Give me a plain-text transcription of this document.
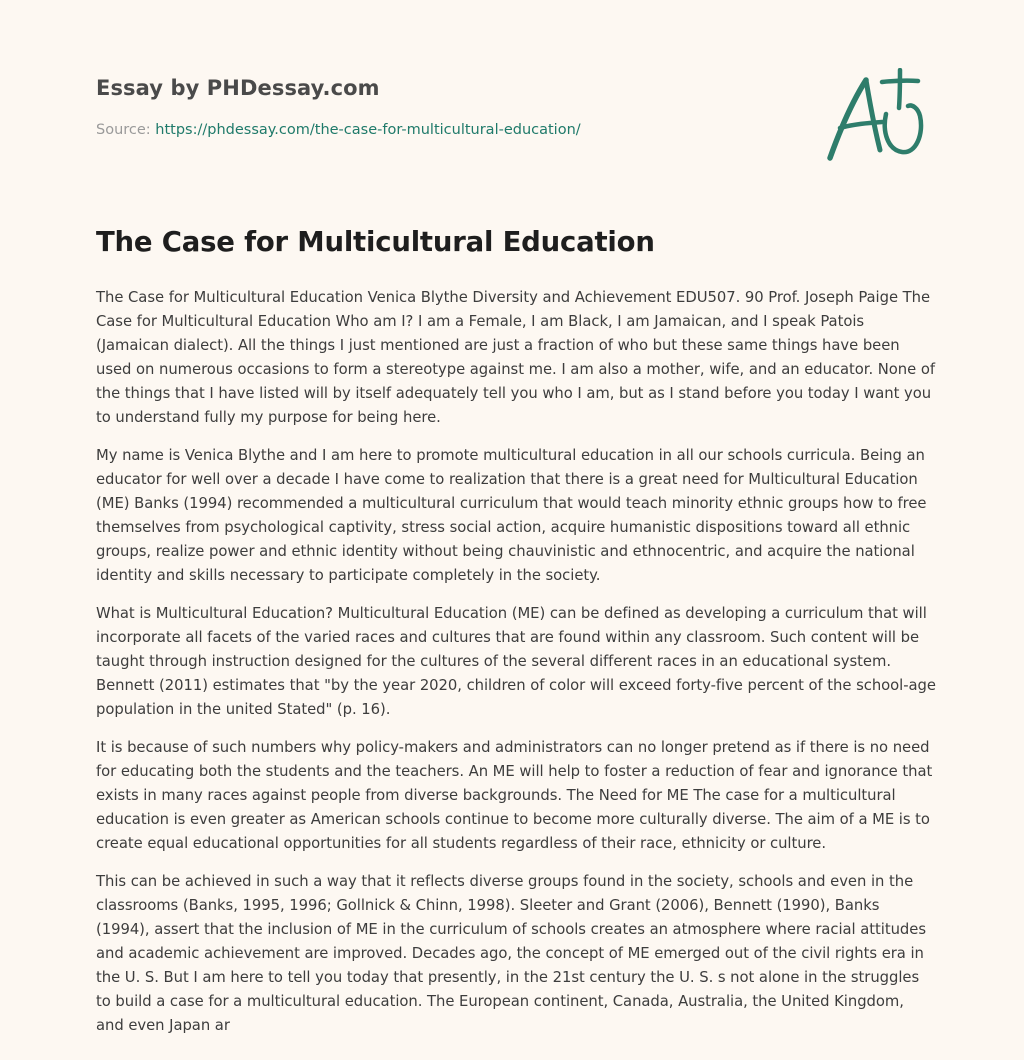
Essay by PHDessay.com
Source: https://phdessay.com/the-case-for-multicultural-education/
The Case for Multicultural Education

The Case for Multicultural Education Venica Blythe Diversity and Achievement EDU507. 90 Prof. Joseph Paige The Case for Multicultural Education Who am I? I am a Female, I am Black, I am Jamaican, and I speak Patois (Jamaican dialect). All the things I just mentioned are just a fraction of who but these same things have been used on numerous occasions to form a stereotype against me. I am also a mother, wife, and an educator. None of the things that I have listed will by itself adequately tell you who I am, but as I stand before you today I want you to understand fully my purpose for being here.

My name is Venica Blythe and I am here to promote multicultural education in all our schools curricula. Being an educator for well over a decade I have come to realization that there is a great need for Multicultural Education (ME) Banks (1994) recommended a multicultural curriculum that would teach minority ethnic groups how to free themselves from psychological captivity, stress social action, acquire humanistic dispositions toward all ethnic groups, realize power and ethnic identity without being chauvinistic and ethnocentric, and acquire the national identity and skills necessary to participate completely in the society.

What is Multicultural Education? Multicultural Education (ME) can be defined as developing a curriculum that will incorporate all facets of the varied races and cultures that are found within any classroom. Such content will be taught through instruction designed for the cultures of the several different races in an educational system. Bennett (2011) estimates that "by the year 2020, children of color will exceed forty-five percent of the school-age population in the united Stated" (p. 16).

It is because of such numbers why policy-makers and administrators can no longer pretend as if there is no need for educating both the students and the teachers. An ME will help to foster a reduction of fear and ignorance that exists in many races against people from diverse backgrounds. The Need for ME The case for a multicultural education is even greater as American schools continue to become more culturally diverse. The aim of a ME is to create equal educational opportunities for all students regardless of their race, ethnicity or culture.

This can be achieved in such a way that it reflects diverse groups found in the society, schools and even in the classrooms (Banks, 1995, 1996; Gollnick & Chinn, 1998). Sleeter and Grant (2006), Bennett (1990), Banks (1994), assert that the inclusion of ME in the curriculum of schools creates an atmosphere where racial attitudes and academic achievement are improved. Decades ago, the concept of ME emerged out of the civil rights era in the U. S. But I am here to tell you today that presently, in the 21st century the U. S. s not alone in the struggles to build a case for a multicultural education. The European continent, Canada, Australia, the United Kingdom, and even Japan ar
